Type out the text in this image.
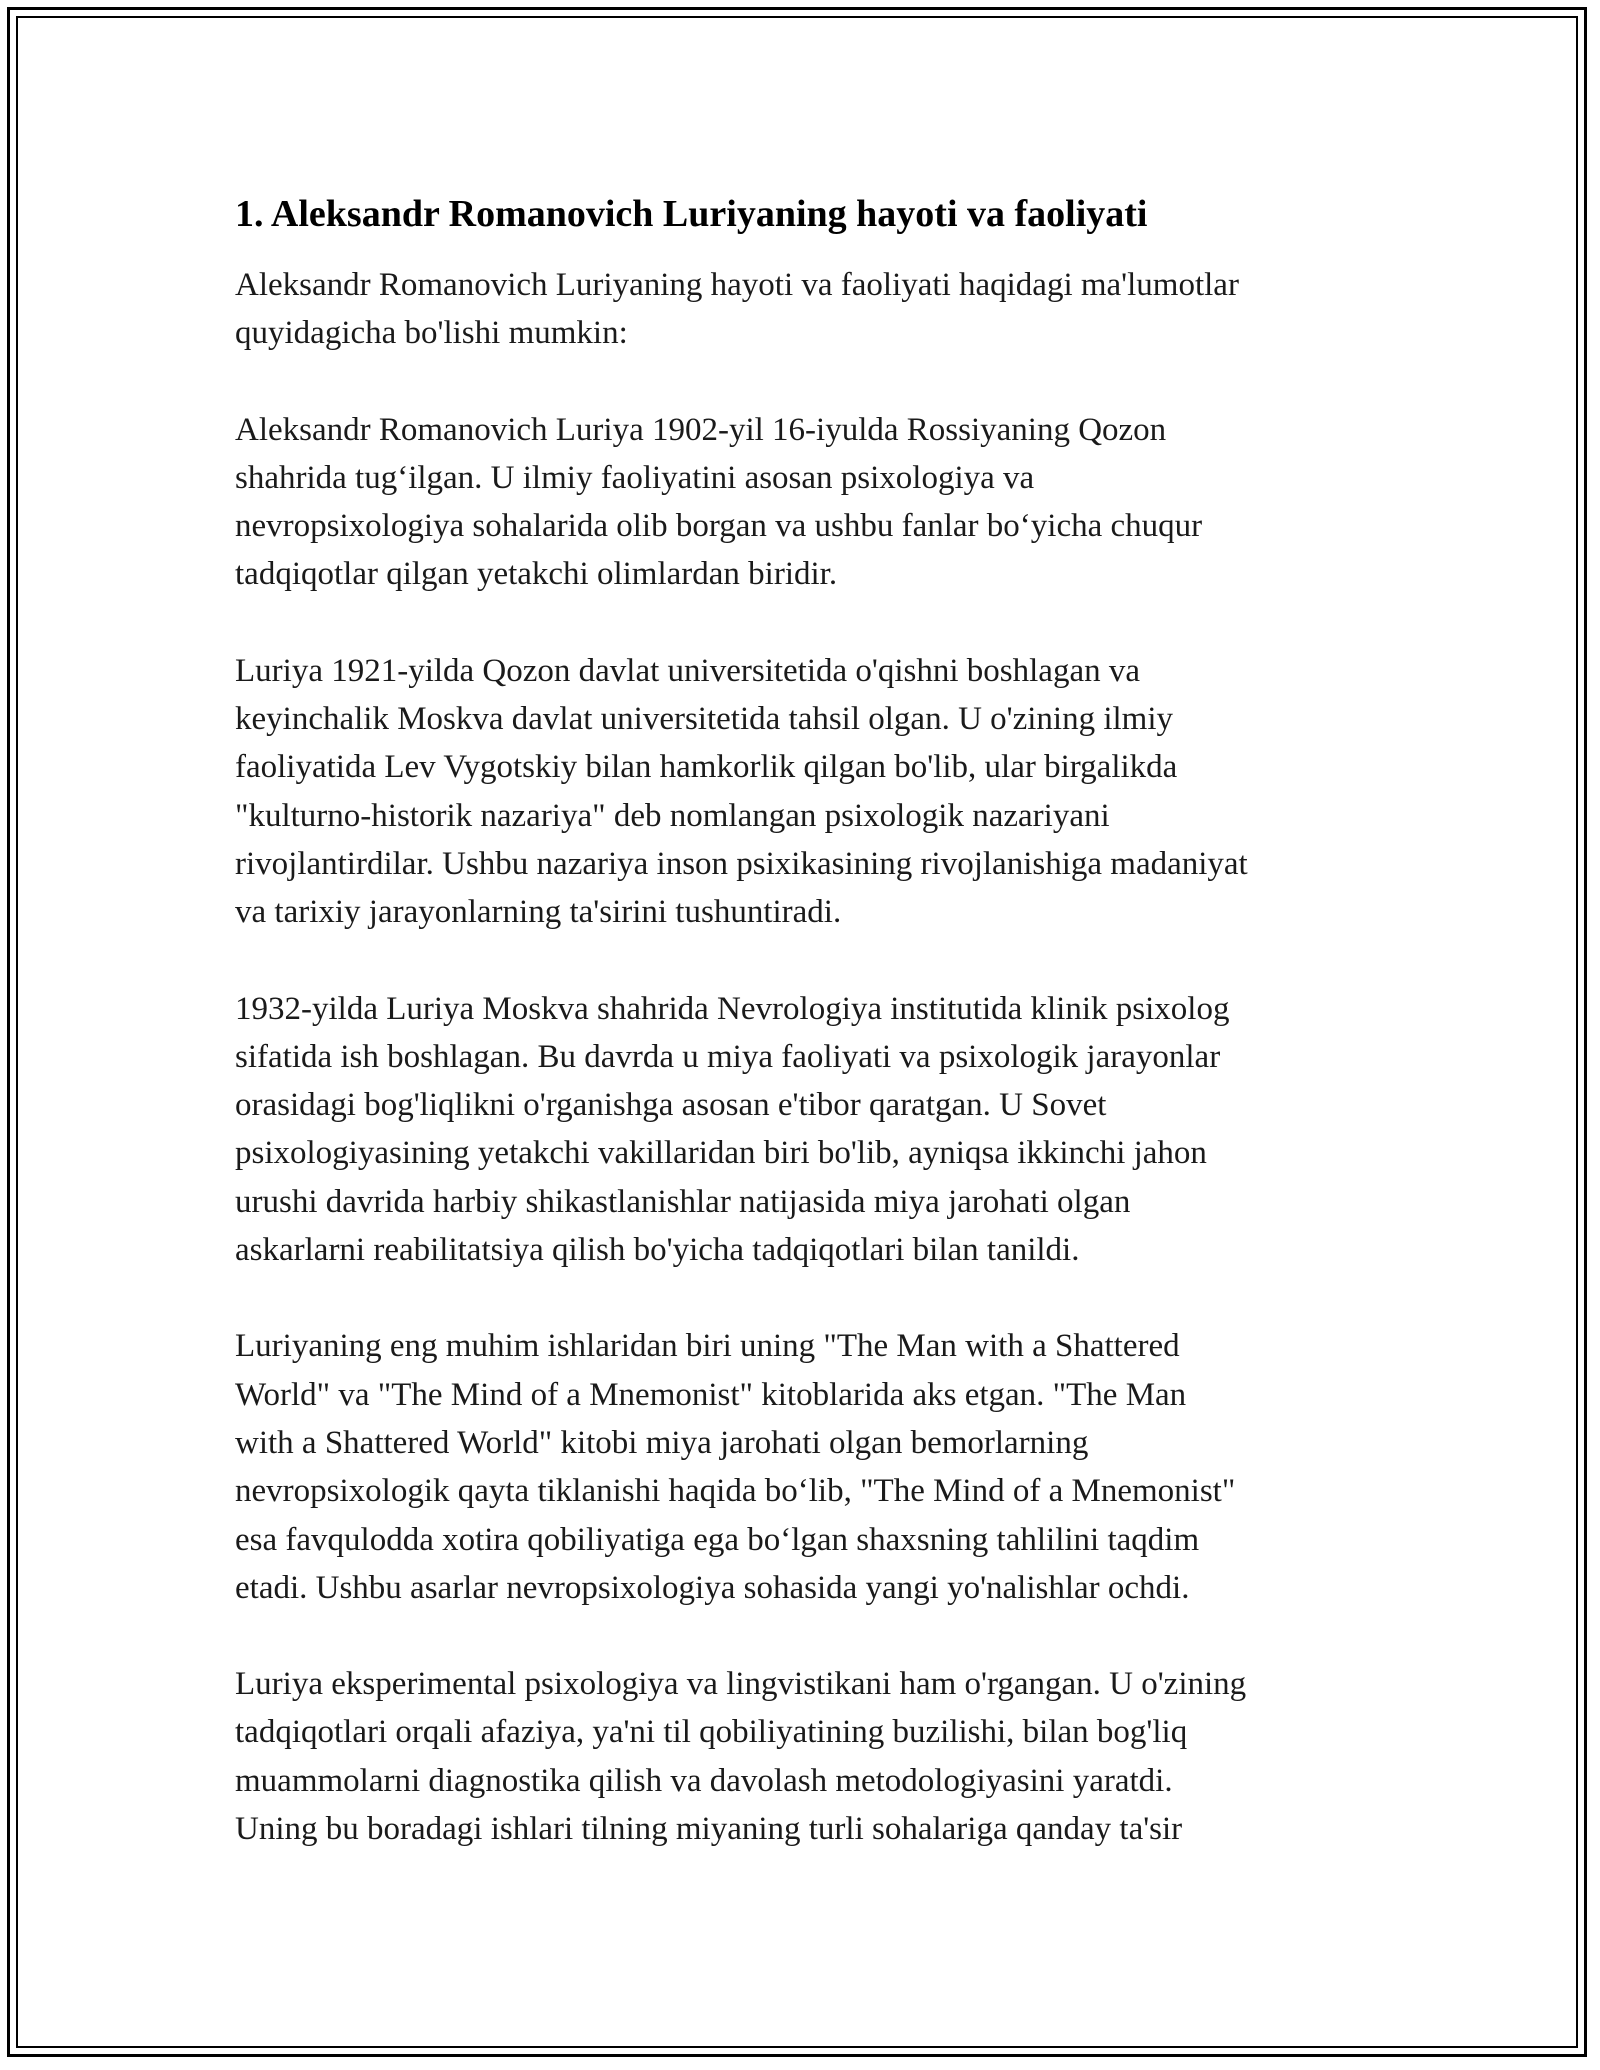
1. Aleksandr Romanovich Luriyaning hayoti va faoliyati

Aleksandr Romanovich Luriyaning hayoti va faoliyati haqidagi ma'lumotlar
quyidagicha bo'lishi mumkin:

Aleksandr Romanovich Luriya 1902-yil 16-iyulda Rossiyaning Qozon
shahrida tug‘ilgan. U ilmiy faoliyatini asosan psixologiya va
nevropsixologiya sohalarida olib borgan va ushbu fanlar bo‘yicha chuqur
tadqiqotlar qilgan yetakchi olimlardan biridir.

Luriya 1921-yilda Qozon davlat universitetida o'qishni boshlagan va
keyinchalik Moskva davlat universitetida tahsil olgan. U o'zining ilmiy
faoliyatida Lev Vygotskiy bilan hamkorlik qilgan bo'lib, ular birgalikda
"kulturno-historik nazariya" deb nomlangan psixologik nazariyani
rivojlantirdilar. Ushbu nazariya inson psixikasining rivojlanishiga madaniyat
va tarixiy jarayonlarning ta'sirini tushuntiradi.

1932-yilda Luriya Moskva shahrida Nevrologiya institutida klinik psixolog
sifatida ish boshlagan. Bu davrda u miya faoliyati va psixologik jarayonlar
orasidagi bog'liqlikni o'rganishga asosan e'tibor qaratgan. U Sovet
psixologiyasining yetakchi vakillaridan biri bo'lib, ayniqsa ikkinchi jahon
urushi davrida harbiy shikastlanishlar natijasida miya jarohati olgan
askarlarni reabilitatsiya qilish bo'yicha tadqiqotlari bilan tanildi.

Luriyaning eng muhim ishlaridan biri uning "The Man with a Shattered
World" va "The Mind of a Mnemonist" kitoblarida aks etgan. "The Man
with a Shattered World" kitobi miya jarohati olgan bemorlarning
nevropsixologik qayta tiklanishi haqida bo‘lib, "The Mind of a Mnemonist"
esa favqulodda xotira qobiliyatiga ega bo‘lgan shaxsning tahlilini taqdim
etadi. Ushbu asarlar nevropsixologiya sohasida yangi yo'nalishlar ochdi.

Luriya eksperimental psixologiya va lingvistikani ham o'rgangan. U o'zining
tadqiqotlari orqali afaziya, ya'ni til qobiliyatining buzilishi, bilan bog'liq
muammolarni diagnostika qilish va davolash metodologiyasini yaratdi.
Uning bu boradagi ishlari tilning miyaning turli sohalariga qanday ta'sir
